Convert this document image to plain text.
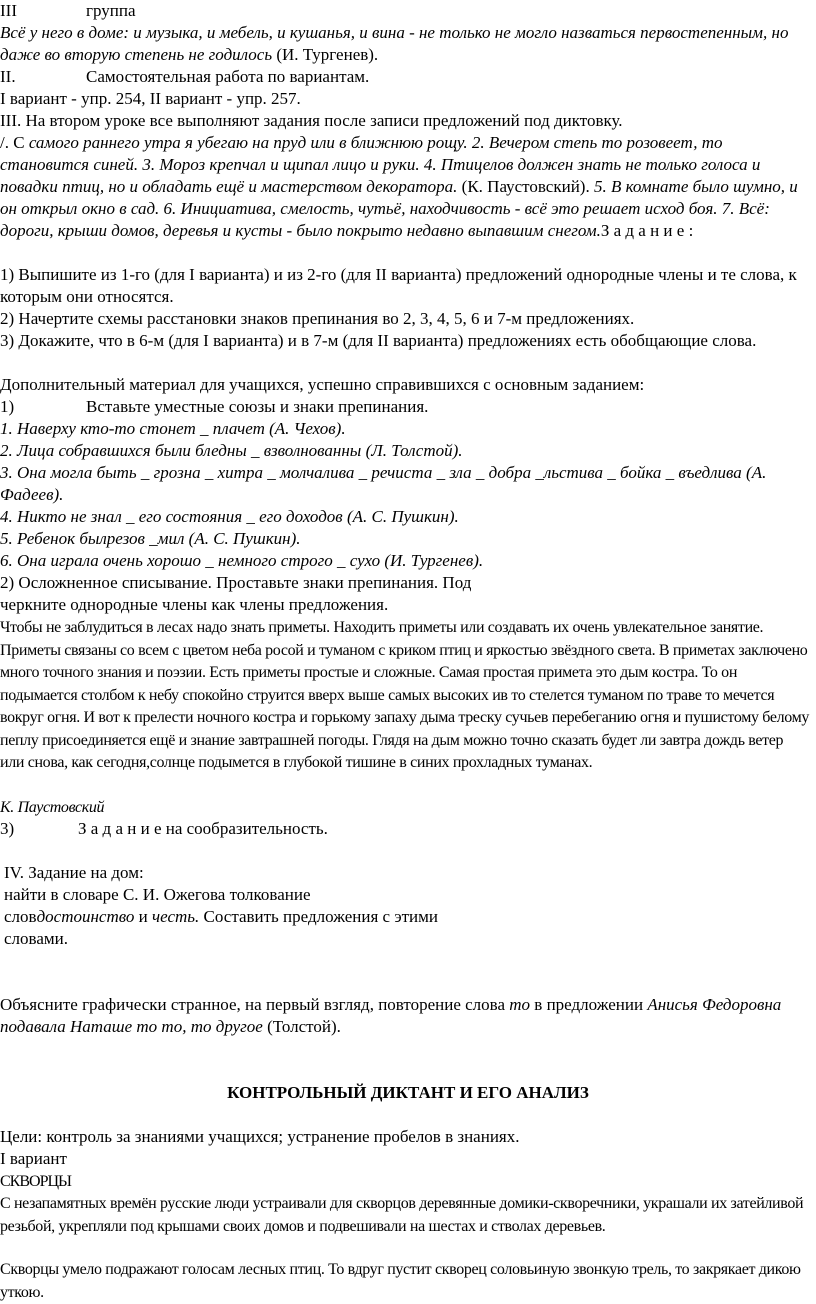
III	группа

Всё у него в доме: и музыка, и мебель, и кушанья, и вина - не только не могло назваться первостепенным, но даже во вторую степень не годилось (И. Тургенев).

II.	Самостоятельная работа по вариантам.

I вариант - упр. 254, II вариант - упр. 257.

III. На втором уроке все выполняют задания после записи предложений под диктовку.

/. С самого раннего утра я убегаю на пруд или в ближнюю рощу. 2. Вечером степь то розовеет, то становится синей. 3. Мороз крепчал и щипал лицо и руки. 4. Птицелов должен знать не только голоса и повадки птиц, но и обладать ещё и мастерством декоратора. (К. Паустовский). 5. В комнате было шумно, и он открыл окно в сад. 6. Инициатива, смелость, чутьё, находчивость - всё это решает исход боя. 7. Всё: дороги, крыши домов, деревья и кусты - было покрыто недавно выпавшим снегом.З а д а н и е :

1) Выпишите из 1-го (для I варианта) и из 2-го (для II варианта) предложений однородные члены и те слова, к которым они относятся.

2) Начертите схемы расстановки знаков препинания во 2, 3, 4, 5, 6 и 7-м предложениях.

3) Докажите, что в 6-м (для I варианта) и в 7-м (для II варианта) предложениях есть обобщающие слова.

Дополнительный материал для учащихся, успешно справившихся с основным заданием:

1)	Вставьте уместные союзы и знаки препинания.

1. Наверху кто-то стонет _ плачет (А. Чехов).

2. Лица собравшихся были бледны _ взволнованны (Л. Толстой).

3. Она могла быть _ грозна _ хитра _ молчалива _ речиста _ зла _ добра _льстива _ бойка _ въедлива (А. Фадеев).

4. Никто не знал _ его состояния _ его доходов (А. С. Пушкин).

5. Ребенок былрезов _мил (А. С. Пушкин).

6. Она играла очень хорошо _ немного строго _ сухо (И. Тургенев).

2) Осложненное списывание. Проставьте знаки препинания. Под

черкните однородные члены как члены предложения.

Чтобы не заблудиться в лесах надо знать приметы. Находить приметы или создавать их очень увлекательное занятие. Приметы связаны со всем с цветом неба росой и туманом с криком птиц и яркостью звёздного света. В приметах заключено много точного знания и поэзии. Есть приметы простые и сложные. Самая простая примета это дым костра. То он подымается столбом к небу спокойно струится вверх выше самых высоких ив то стелется туманом по траве то мечется вокруг огня. И вот к прелести ночного костра и горькому запаху дыма треску сучьев перебеганию огня и пушистому белому пеплу присоединяется ещё и знание завтрашней погоды. Глядя на дым можно точно сказать будет ли завтра дождь ветер или снова, как сегодня,солнце подымется в глубокой тишине в синих прохладных туманах.

К. Паустовский

3)	З а д а н и е на сообразительность.

IV. Задание на дом:

найти в словаре С. И. Ожегова толкование

словдостоинство и честь. Составить предложения с этими

словами.

Объясните графически странное, на первый взгляд, повторение слова то в предложении Анисья Федоровна подавала Наташе то то, то другое (Толстой).

КОНТРОЛЬНЫЙ ДИКТАНТ И ЕГО АНАЛИЗ

Цели: контроль за знаниями учащихся; устранение пробелов в знаниях.

I вариант

СКВОРЦЫ

С незапамятных времён русские люди устраивали для скворцов деревянные домики-скворечники, украшали их затейливой резьбой, укрепляли под крышами своих домов и подвешивали на шестах и стволах деревьев.

Скворцы умело подражают голосам лесных птиц. То вдруг пустит скворец соловьиную звонкую трель, то закрякает дикою уткою.
